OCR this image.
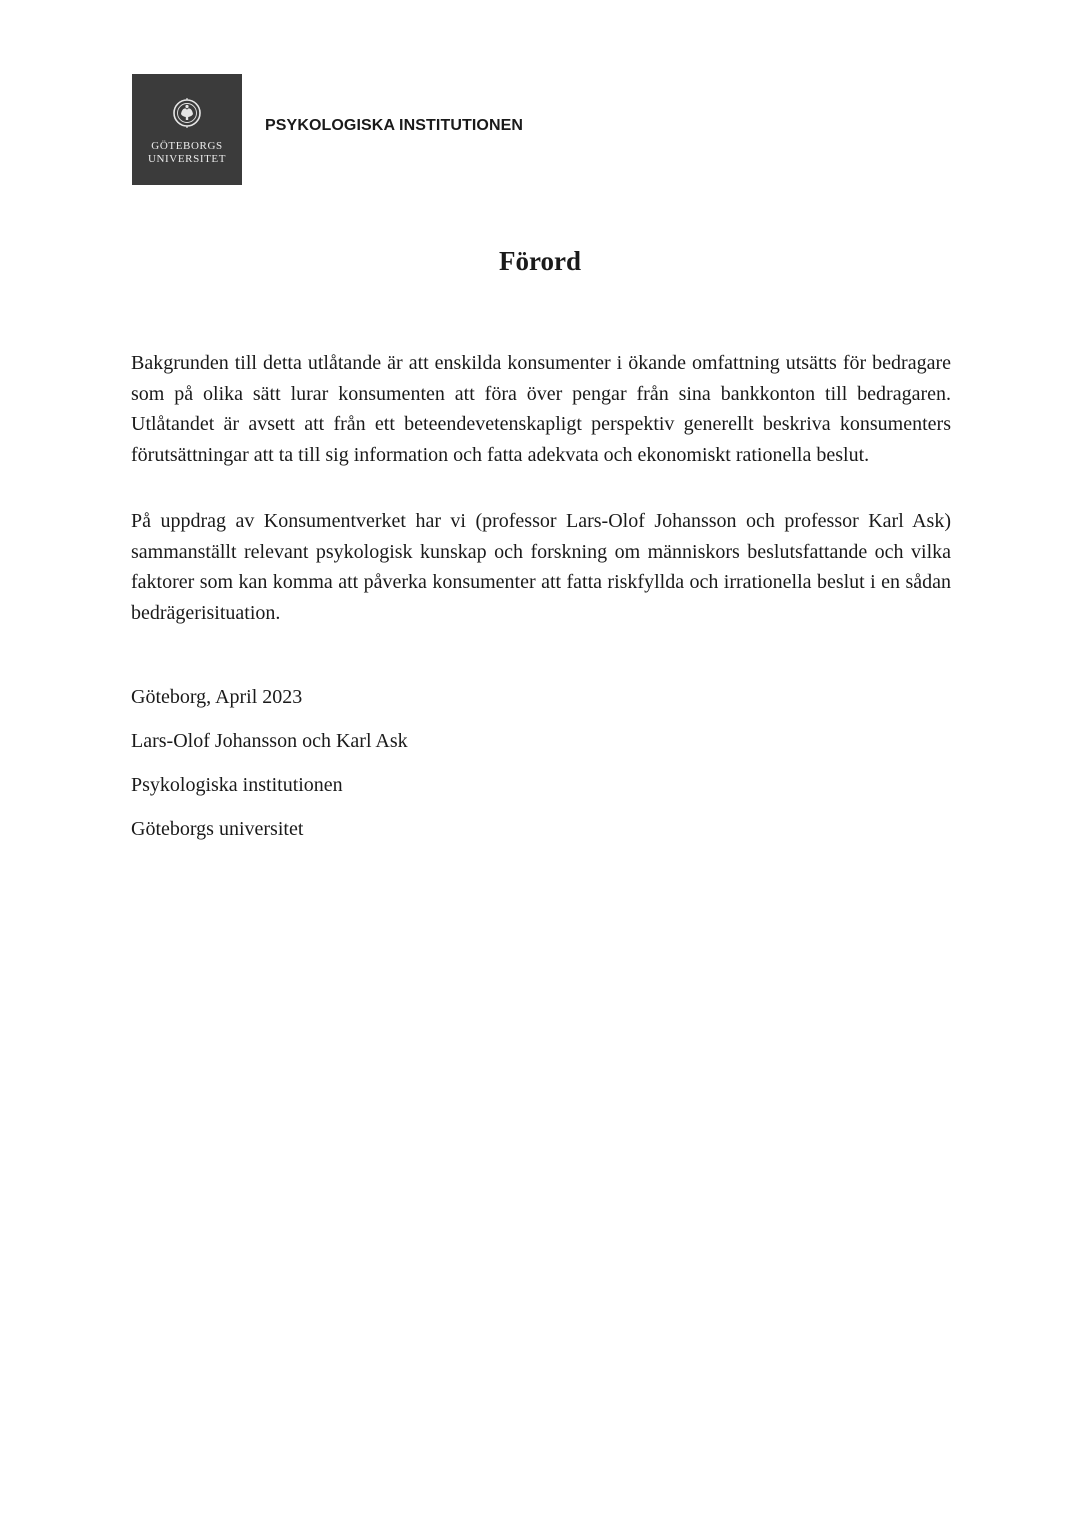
GÖTEBORGS
UNIVERSITET
PSYKOLOGISKA INSTITUTIONEN
Förord

Bakgrunden till detta utlåtande är att enskilda konsumenter i ökande omfattning utsätts för bedragare som på olika sätt lurar konsumenten att föra över pengar från sina bankkonton till bedragaren. Utlåtandet är avsett att från ett beteendevetenskapligt perspektiv generellt beskriva konsumenters förutsättningar att ta till sig information och fatta adekvata och ekonomiskt rationella beslut.

På uppdrag av Konsumentverket har vi (professor Lars-Olof Johansson och professor Karl Ask) sammanställt relevant psykologisk kunskap och forskning om människors beslutsfattande och vilka faktorer som kan komma att påverka konsumenter att fatta riskfyllda och irrationella beslut i en sådan bedrägerisituation.

Göteborg, April 2023
Lars-Olof Johansson och Karl Ask
Psykologiska institutionen
Göteborgs universitet
